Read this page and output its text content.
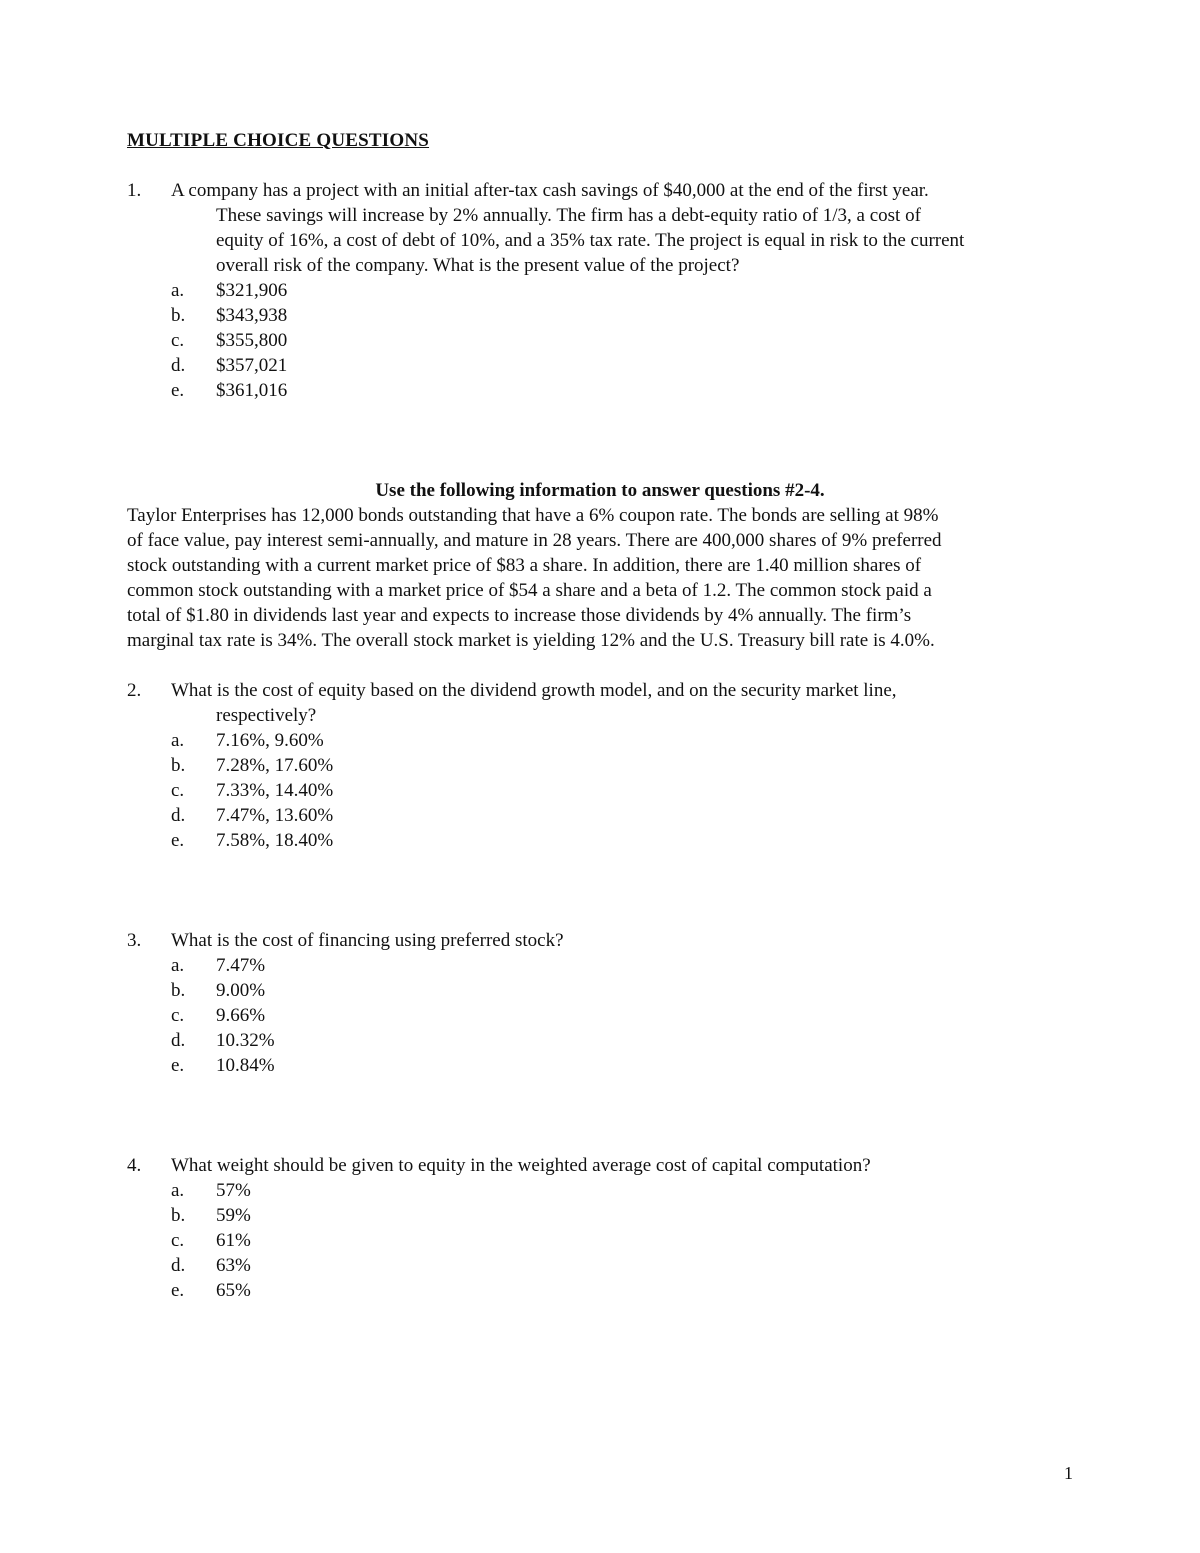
MULTIPLE CHOICE QUESTIONS
1. A company has a project with an initial after-tax cash savings of $40,000 at the end of the first year.
These savings will increase by 2% annually. The firm has a debt-equity ratio of 1/3, a cost of
equity of 16%, a cost of debt of 10%, and a 35% tax rate. The project is equal in risk to the current
overall risk of the company. What is the present value of the project?
a. $321,906
b. $343,938
c. $355,800
d. $357,021
e. $361,016
Use the following information to answer questions #2-4.
Taylor Enterprises has 12,000 bonds outstanding that have a 6% coupon rate. The bonds are selling at 98%
of face value, pay interest semi-annually, and mature in 28 years. There are 400,000 shares of 9% preferred
stock outstanding with a current market price of $83 a share. In addition, there are 1.40 million shares of
common stock outstanding with a market price of $54 a share and a beta of 1.2. The common stock paid a
total of $1.80 in dividends last year and expects to increase those dividends by 4% annually. The firm’s
marginal tax rate is 34%. The overall stock market is yielding 12% and the U.S. Treasury bill rate is 4.0%.
2. What is the cost of equity based on the dividend growth model, and on the security market line,
respectively?
a. 7.16%, 9.60%
b. 7.28%, 17.60%
c. 7.33%, 14.40%
d. 7.47%, 13.60%
e. 7.58%, 18.40%
3. What is the cost of financing using preferred stock?
a. 7.47%
b. 9.00%
c. 9.66%
d. 10.32%
e. 10.84%
4. What weight should be given to equity in the weighted average cost of capital computation?
a. 57%
b. 59%
c. 61%
d. 63%
e. 65%
1
